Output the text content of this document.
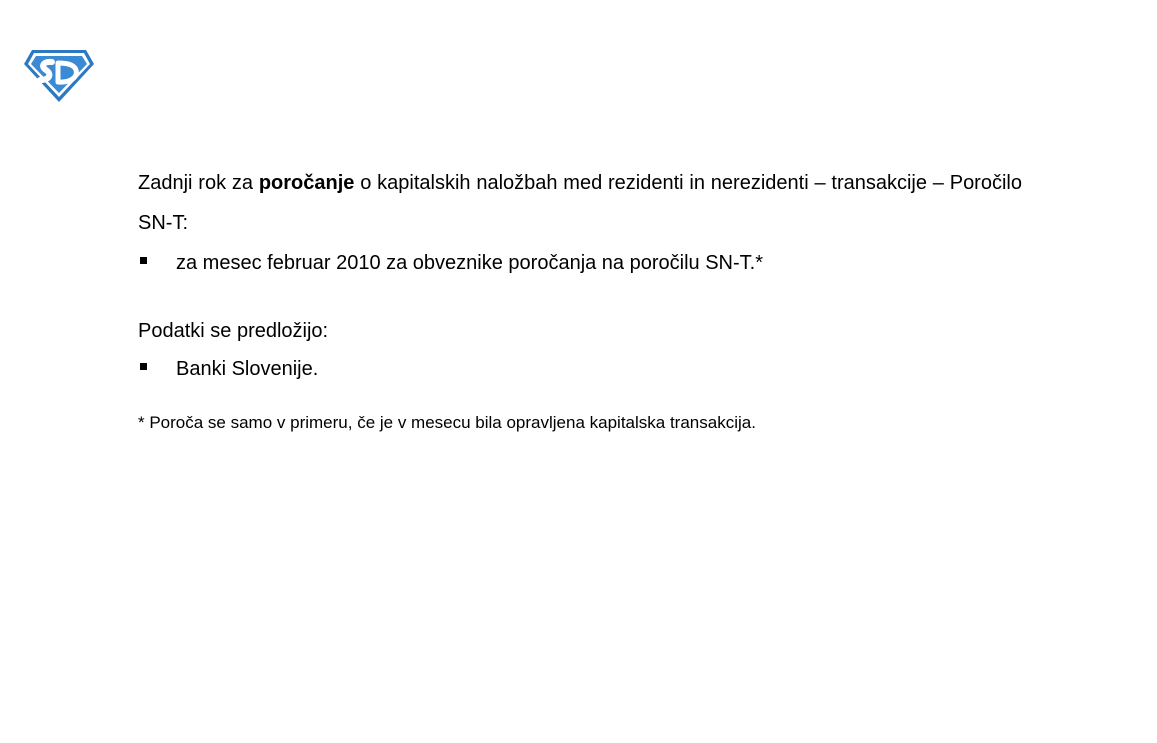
Zadnji rok za poročanje o kapitalskih naložbah med rezidenti in nerezidenti – transakcije – Poročilo SN-T:

za mesec februar 2010 za obveznike poročanja na poročilu SN-T.*

Podatki se predložijo:

Banki Slovenije.

* Poroča se samo v primeru, če je v mesecu bila opravljena kapitalska transakcija.
